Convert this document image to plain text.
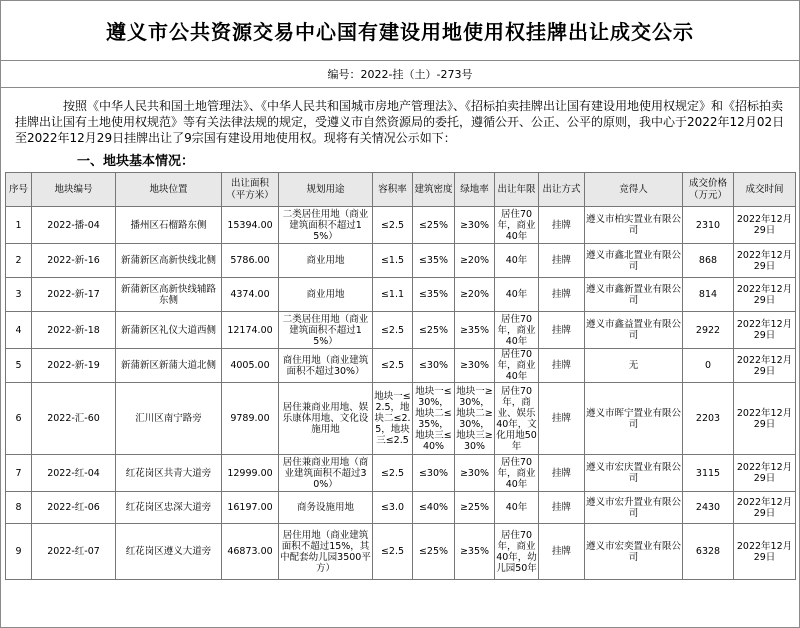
遵义市公共资源交易中心国有建设用地使用权挂牌出让成交公示
编号：2022-挂（土）-273号
按照《中华人民共和国土地管理法》、《中华人民共和国城市房地产管理法》、《招标拍卖挂牌出让国有建设用地使用权规定》和《招标拍卖挂牌出让国有土地使用权规范》等有关法律法规的规定，受遵义市自然资源局的委托，遵循公开、公正、公平的原则，我中心于2022年12月02日至2022年12月29日挂牌出让了9宗国有建设用地使用权。现将有关情况公示如下：
一、地块基本情况：
序号	地块编号	地块位置	出让面积（平方米）	规划用途	容积率	建筑密度	绿地率	出让年限	出让方式	竞得人	成交价格（万元）	成交时间
1	2022-播-04	播州区石榴路东侧	15394.00	二类居住用地（商业建筑面积不超过15%）	≤2.5	≤25%	≥30%	居住70年，商业40年	挂牌	遵义市柏实置业有限公司	2310	2022年12月29日
2	2022-新-16	新蒲新区高新快线北侧	5786.00	商业用地	≤1.5	≤35%	≥20%	40年	挂牌	遵义市鑫北置业有限公司	868	2022年12月29日
3	2022-新-17	新蒲新区高新快线辅路东侧	4374.00	商业用地	≤1.1	≤35%	≥20%	40年	挂牌	遵义市鑫新置业有限公司	814	2022年12月29日
4	2022-新-18	新蒲新区礼仪大道西侧	12174.00	二类居住用地（商业建筑面积不超过15%）	≤2.5	≤25%	≥35%	居住70年，商业40年	挂牌	遵义市鑫益置业有限公司	2922	2022年12月29日
5	2022-新-19	新蒲新区新蒲大道北侧	4005.00	商住用地（商业建筑面积不超过30%）	≤2.5	≤30%	≥30%	居住70年，商业40年	挂牌	无	0	2022年12月29日
6	2022-汇-60	汇川区南宁路旁	9789.00	居住兼商业用地、娱乐康体用地、文化设施用地	地块一≤2.5，地块二≤2.5，地块三≤2.5	地块一≤30%，地块二≤35%，地块三≤40%	地块一≥30%，地块二≥30%，地块三≥30%	居住70年，商业、娱乐40年，文化用地50年	挂牌	遵义市晖宁置业有限公司	2203	2022年12月29日
7	2022-红-04	红花岗区共青大道旁	12999.00	居住兼商业用地（商业建筑面积不超过30%）	≤2.5	≤30%	≥30%	居住70年，商业40年	挂牌	遵义市宏庆置业有限公司	3115	2022年12月29日
8	2022-红-06	红花岗区忠深大道旁	16197.00	商务设施用地	≤3.0	≤40%	≥25%	40年	挂牌	遵义市宏升置业有限公司	2430	2022年12月29日
9	2022-红-07	红花岗区遵义大道旁	46873.00	居住用地（商业建筑面积不超过15%，其中配套幼儿园3500平方）	≤2.5	≤25%	≥35%	居住70年，商业40年，幼儿园50年	挂牌	遵义市宏奕置业有限公司	6328	2022年12月29日
